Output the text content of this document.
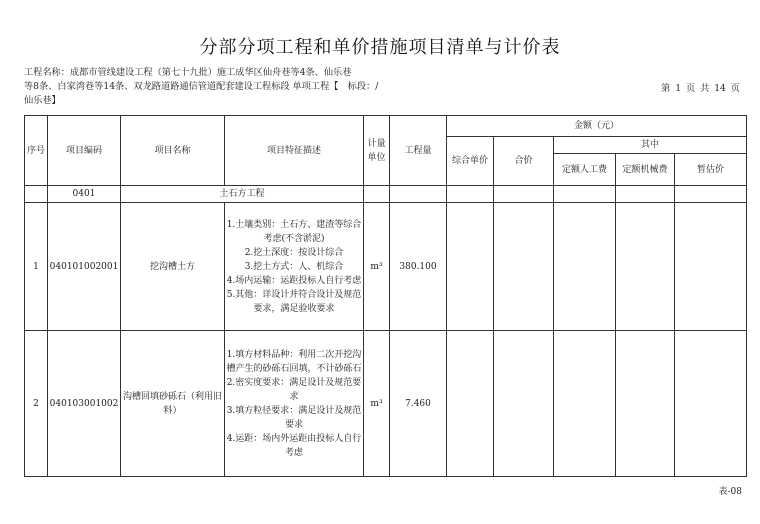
分部分项工程和单价措施项目清单与计价表
工程名称：成都市管线建设工程（第七十九批）施工成华区仙舟巷等4条、仙乐巷
等8条、白家湾巷等14条、双龙路道路通信管道配套建设工程标段 单项工程【　标段：/
仙乐巷】
第 1 页 共 14 页
序号	项目编码	项目名称	项目特征描述	计量单位	工程量	金额（元）				
						综合单价	合价	其中		
								定额人工费	定额机械费	暂估价
	0401	土石方工程								
1	040101002001	挖沟槽土方	1.土壤类别：土石方、建渣等综合考虑(不含淤泥)
2.挖土深度：按设计综合
3.挖土方式：人、机综合
4.场内运输：运距投标人自行考虑
5.其他：详设计并符合设计及规范要求，满足验收要求	m³	380.100					
2	040103001002	沟槽回填砂砾石（利用旧料）	1.填方材料品种：利用二次开挖沟槽产生的砂砾石回填，不计砂砾石
2.密实度要求：满足设计及规范要求
3.填方粒径要求：满足设计及规范要求
4.运距：场内外运距由投标人自行考虑	m³	7.460					
表-08
